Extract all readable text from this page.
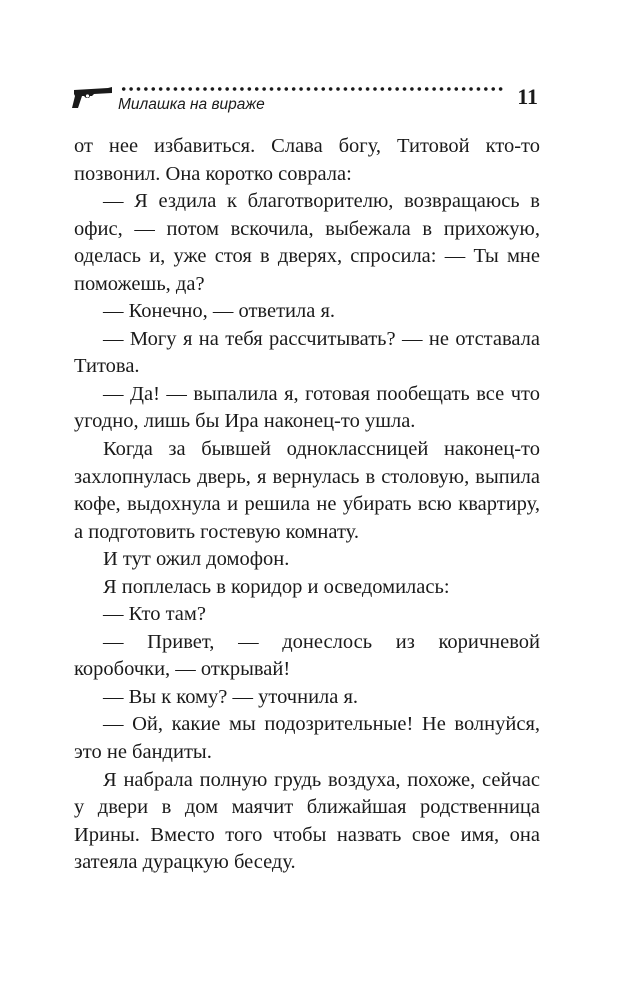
Милашка на вираже	11

от нее избавиться. Слава богу, Титовой кто-то позвонил. Она коротко соврала:

— Я ездила к благотворителю, возвращаюсь в офис, — потом вскочила, выбежала в прихожую, оделась и, уже стоя в дверях, спросила: — Ты мне поможешь, да?

— Конечно, — ответила я.

— Могу я на тебя рассчитывать? — не отставала Титова.

— Да! — выпалила я, готовая пообещать все что угодно, лишь бы Ира наконец-то ушла.

Когда за бывшей одноклассницей наконец-то захлопнулась дверь, я вернулась в столовую, выпила кофе, выдохнула и решила не убирать всю квартиру, а подготовить гостевую комнату.

И тут ожил домофон.

Я поплелась в коридор и осведомилась:

— Кто там?

— Привет, — донеслось из коричневой коробочки, — открывай!

— Вы к кому? — уточнила я.

— Ой, какие мы подозрительные! Не волнуйся, это не бандиты.

Я набрала полную грудь воздуха, похоже, сейчас у двери в дом маячит ближайшая родственница Ирины. Вместо того чтобы назвать свое имя, она затеяла дурацкую беседу.
